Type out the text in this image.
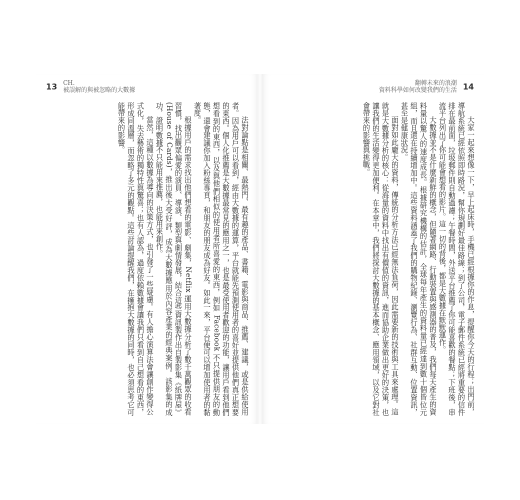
13 CH.
被誤解的與被忽略的大數據

法對論點是相關、最熱門、最有趣的產品、書籍、電影與商品、推薦、建議，或是供給使用者。因為用戶可以看到，經由大數據的運算，平台就能先預測使用者的喜好並提供他們真正想要的東西。個人化推薦是大數據最常見的應用之一，也是最受使用者歡迎的功能，讓用戶看到他們想看到的東西，以及與他們相似的使用者所喜愛的東西，例如 Facebook 不只提供朋友的動態，還會建議你加入粉絲專頁，和朋友的朋友成為好友。如此一來，平台便可以增加使用者的黏著度。

根據用戶的需求找出他們想看的電影、劇集，Netflix 運用大數據分析了數千萬觀眾的收看習慣，找出觀眾偏愛的演員、導演、類型與劇情發展，結合這些資訊製作出自製影集《紙牌屋》(House of Cards)，推出後大受好評，成為大數據應用於內容產業的經典案例。該影集的成功，證明數據不只能用來推薦，也能用來創作。

當然，這種以數據為導向的決策方式，也引發了一些疑慮。有人擔心演算法會讓創作變得公式化，失去藝術的獨特性與驚喜；也有人認為，過度依賴數據會讓我們只看到自己想看的東西，形成同溫層，而忽略了多元的觀點。這些討論提醒我們，在擁抱大數據的同時，也必須思考它可能帶來的影響。

翻轉未來的浪潮
資料科學如何改變我們的生活 14

大家一起來想像一下，早上起床時，手機已經根據你的作息，提醒你今天的行程；出門前，導航系統已經依照即時路況，幫你規劃好最佳路線；到了公司，電子郵件系統已經將重要的信件排在最前面，垃圾郵件則自動過濾；午餐時間，外送平台推薦了你可能喜歡的餐點；下班後，串流平台列出了你可能會想看的影片。這一切的背後，都是大數據在默默運作。

大數據並不是什麼新鮮的概念，但隨著網路、行動裝置與感測器的普及，我們每天產生的資料量以驚人的速度成長。根據研究機構的估計，全球每年產生的資料量已經達到數十個皆位元組，而且還在持續增加中。這些資料涵蓋了我們的購物紀錄、瀏覽行為、社群互動、位置資訊，甚至是健康狀況。

面對如此龐大的資料，傳統的分析方法已經無法負荷，因此需要新的技術與工具來處理。這就是大數據分析的核心：從海量的資料中找出有價值的資訊，進而協助企業做出更好的決策，也讓我們的生活變得更加便利。在本章中，我們將探討大數據的基本概念、應用領域，以及它對社會帶來的影響與挑戰。
